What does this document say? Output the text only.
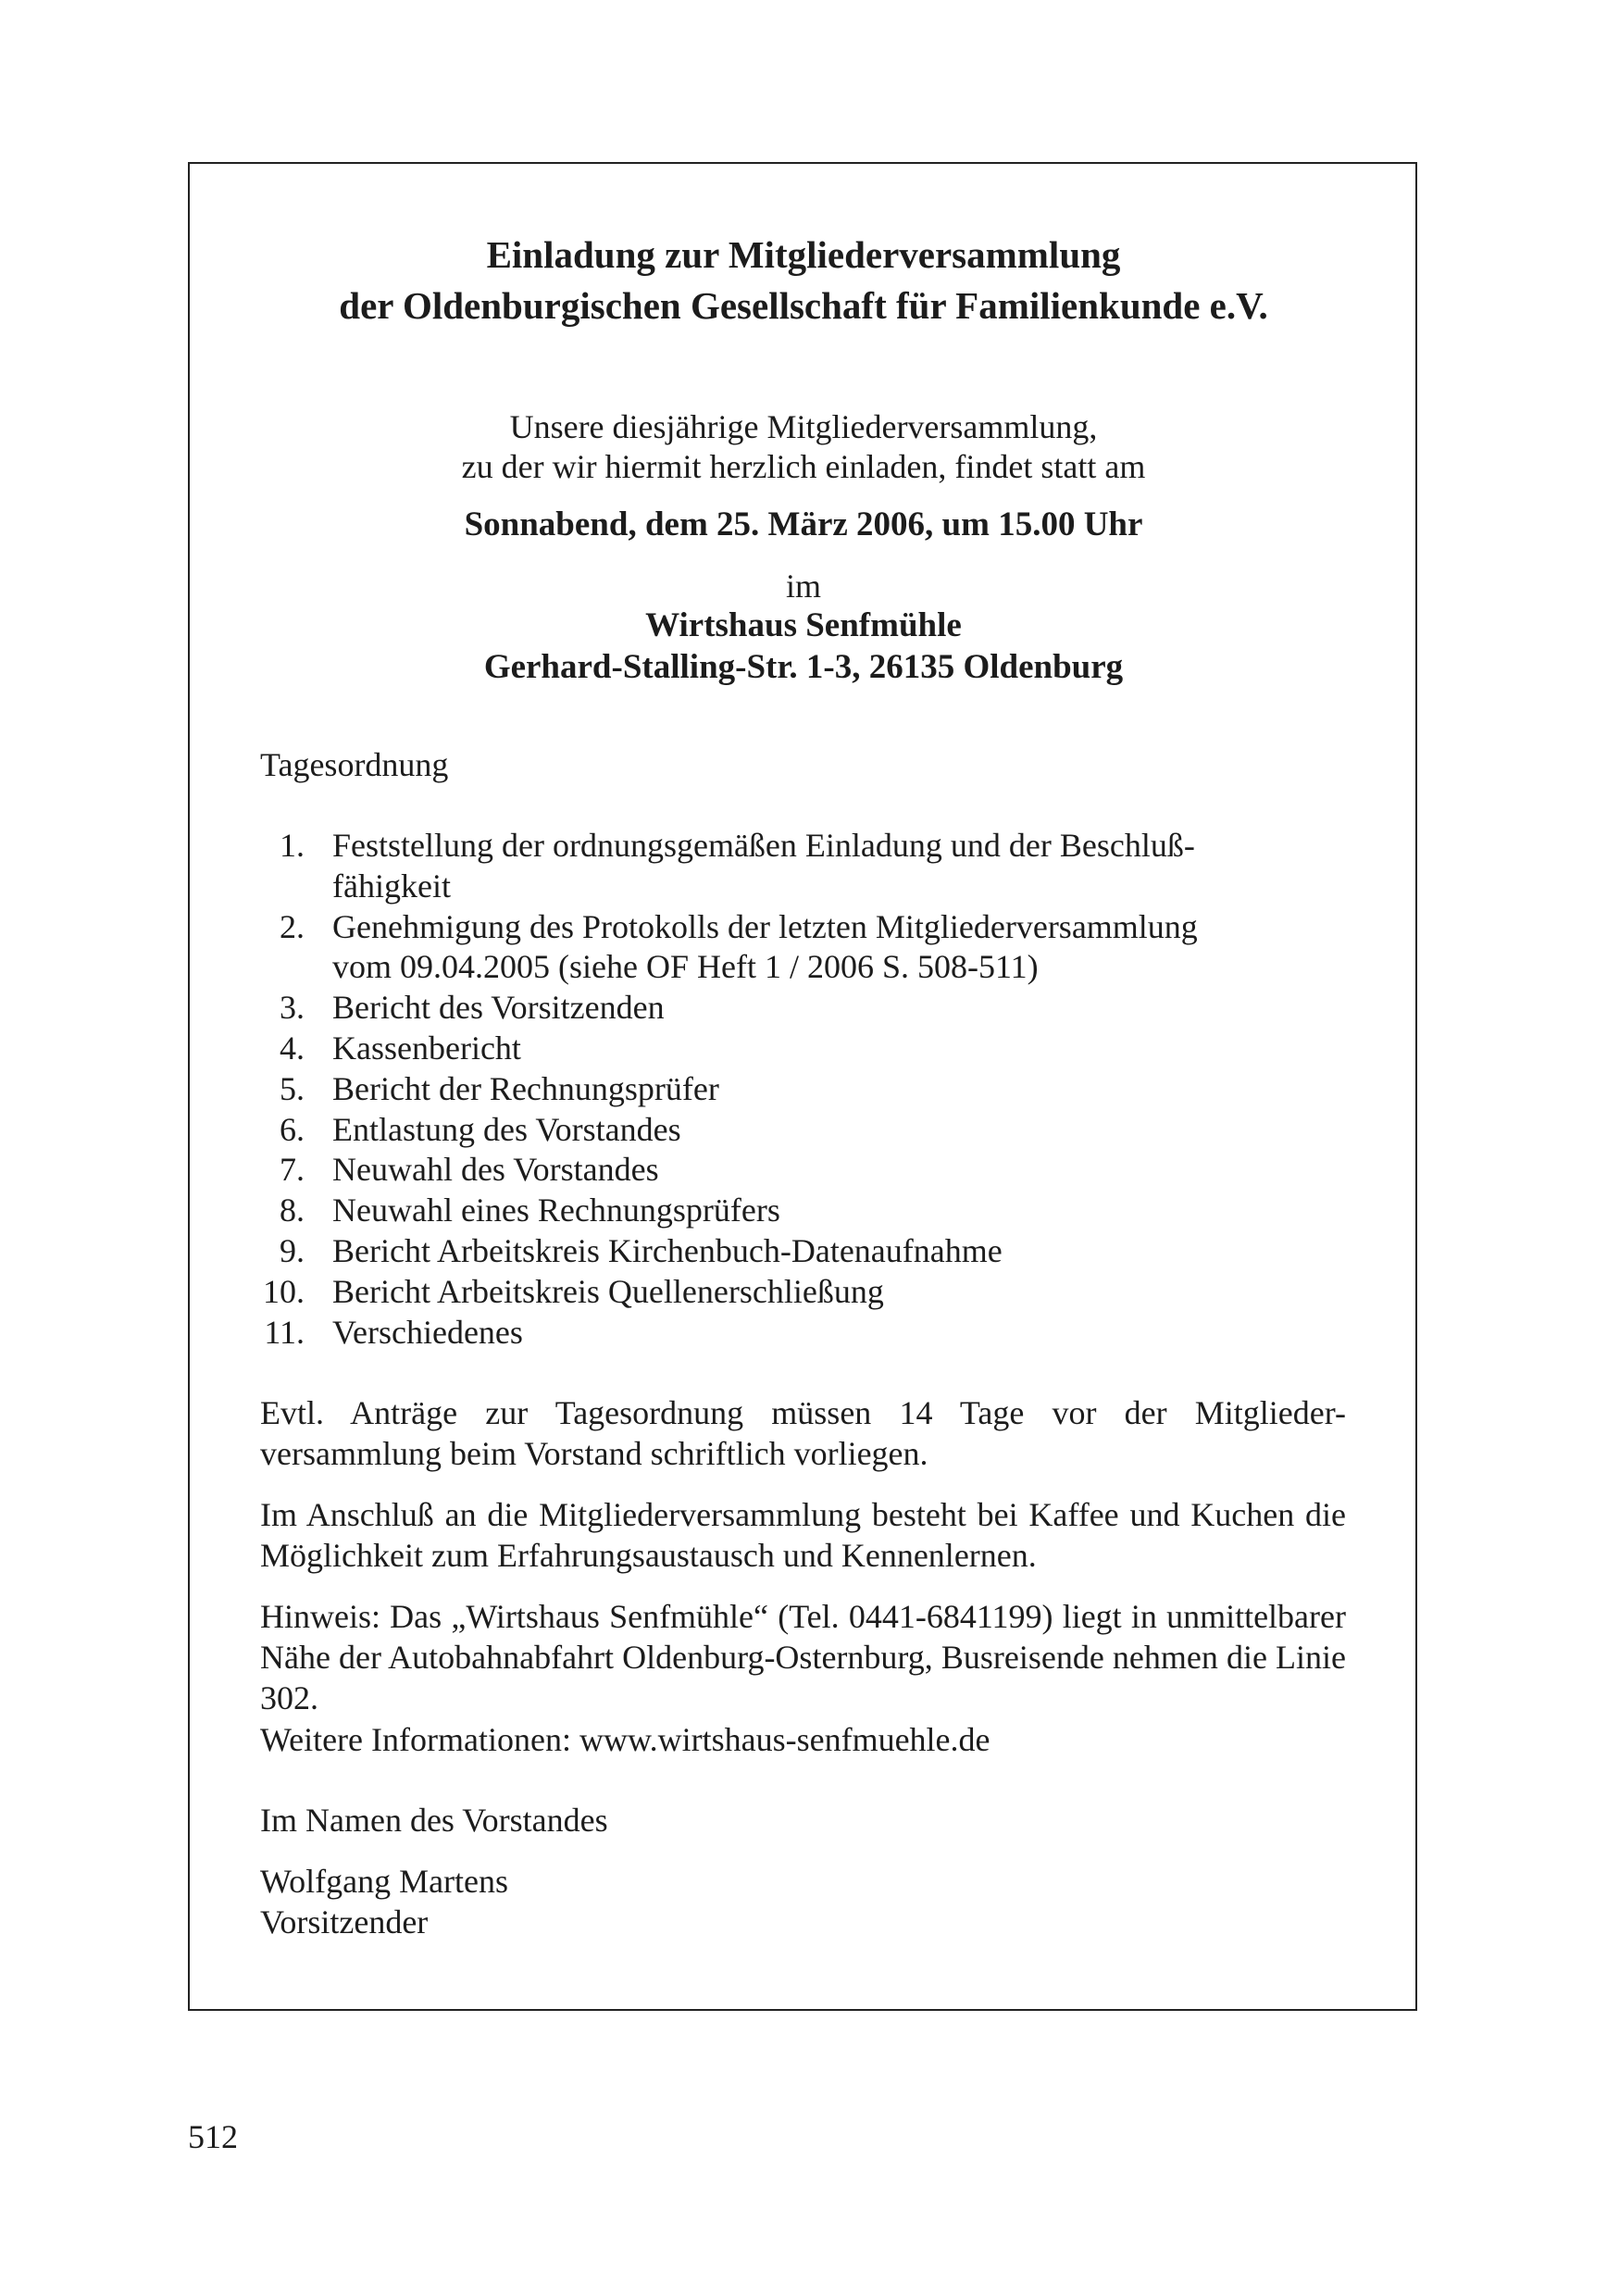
Einladung zur Mitgliederversammlung
der Oldenburgischen Gesellschaft für Familienkunde e.V.
Unsere diesjährige Mitgliederversammlung,
zu der wir hiermit herzlich einladen, findet statt am
Sonnabend, dem 25. März 2006, um 15.00 Uhr
im
Wirtshaus Senfmühle
Gerhard-Stalling-Str. 1-3, 26135 Oldenburg
Tagesordnung
1. Feststellung der ordnungsgemäßen Einladung und der Beschluß-
fähigkeit
2. Genehmigung des Protokolls der letzten Mitgliederversammlung
vom 09.04.2005 (siehe OF Heft 1 / 2006 S. 508-511)
3. Bericht des Vorsitzenden
4. Kassenbericht
5. Bericht der Rechnungsprüfer
6. Entlastung des Vorstandes
7. Neuwahl des Vorstandes
8. Neuwahl eines Rechnungsprüfers
9. Bericht Arbeitskreis Kirchenbuch-Datenaufnahme
10. Bericht Arbeitskreis Quellenerschließung
11. Verschiedenes

Evtl. Anträge zur Tagesordnung müssen 14 Tage vor der Mitglieder-versammlung beim Vorstand schriftlich vorliegen.

Im Anschluß an die Mitgliederversammlung besteht bei Kaffee und Kuchen die Möglichkeit zum Erfahrungsaustausch und Kennenlernen.

Hinweis: Das „Wirtshaus Senfmühle“ (Tel. 0441-6841199) liegt in unmittelbarer Nähe der Autobahnabfahrt Oldenburg-Osternburg, Busreisende nehmen die Linie 302.

Weitere Informationen: www.wirtshaus-senfmuehle.de
Im Namen des Vorstandes
Wolfgang Martens
Vorsitzender
512
